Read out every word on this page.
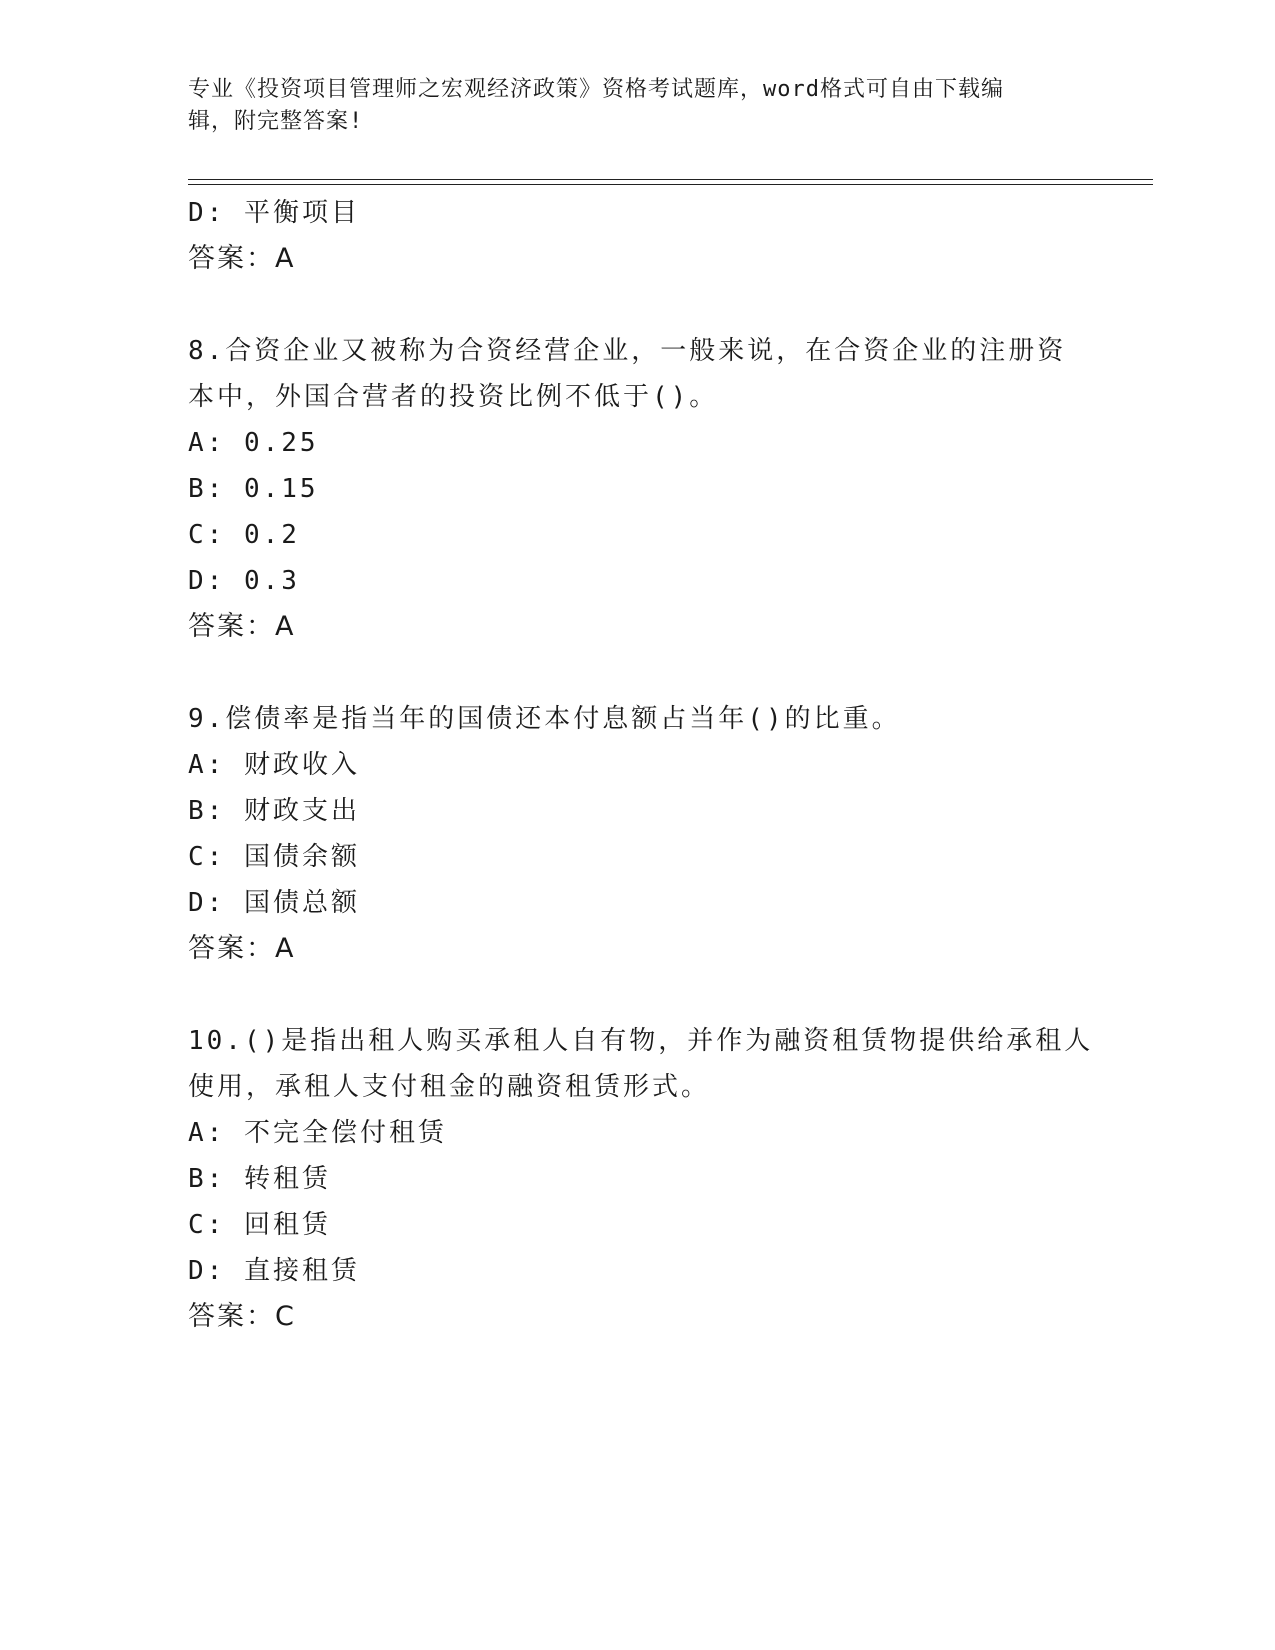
专业《投资项目管理师之宏观经济政策》资格考试题库，word格式可自由下载编
辑，附完整答案!
D: 平衡项目
答案：A
8.合资企业又被称为合资经营企业，一般来说，在合资企业的注册资
本中，外国合营者的投资比例不低于()。
A: 0.25
B: 0.15
C: 0.2
D: 0.3
答案：A
9.偿债率是指当年的国债还本付息额占当年()的比重。
A: 财政收入
B: 财政支出
C: 国债余额
D: 国债总额
答案：A
10.()是指出租人购买承租人自有物，并作为融资租赁物提供给承租人
使用，承租人支付租金的融资租赁形式。
A: 不完全偿付租赁
B: 转租赁
C: 回租赁
D: 直接租赁
答案：C
